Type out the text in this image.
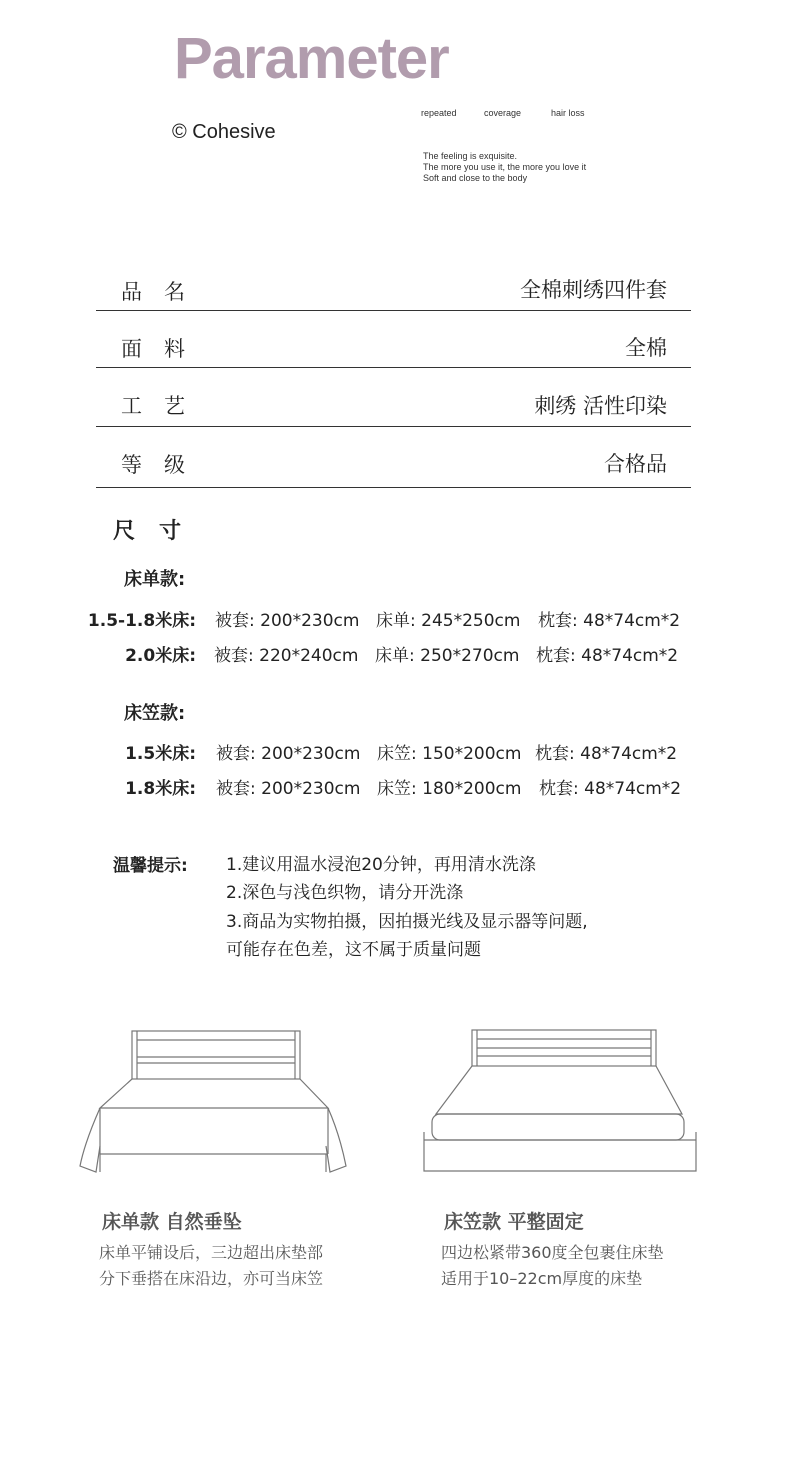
Parameter
© Cohesive
repeated	coverage	hair loss
The feeling is exquisite.
The more you use it, the more you love it
Soft and close to the body
品名	全棉刺绣四件套
面料	全棉
工艺	刺绣 活性印染
等级	合格品
尺寸
床单款:
1.5-1.8米床: 被套: 200*230cm 床单: 245*250cm 枕套: 48*74cm*2
2.0米床: 被套: 220*240cm 床单: 250*270cm 枕套: 48*74cm*2
床笠款:
1.5米床: 被套: 200*230cm 床笠: 150*200cm 枕套: 48*74cm*2
1.8米床: 被套: 200*230cm 床笠: 180*200cm 枕套: 48*74cm*2
温馨提示: 1.建议用温水浸泡20分钟，再用清水洗涤
2.深色与浅色织物，请分开洗涤
3.商品为实物拍摄，因拍摄光线及显示器等问题,
可能存在色差，这不属于质量问题
床单款 自然垂坠
床单平铺设后，三边超出床垫部
分下垂搭在床沿边，亦可当床笠
床笠款 平整固定
四边松紧带360度全包裹住床垫
适用于10–22cm厚度的床垫
